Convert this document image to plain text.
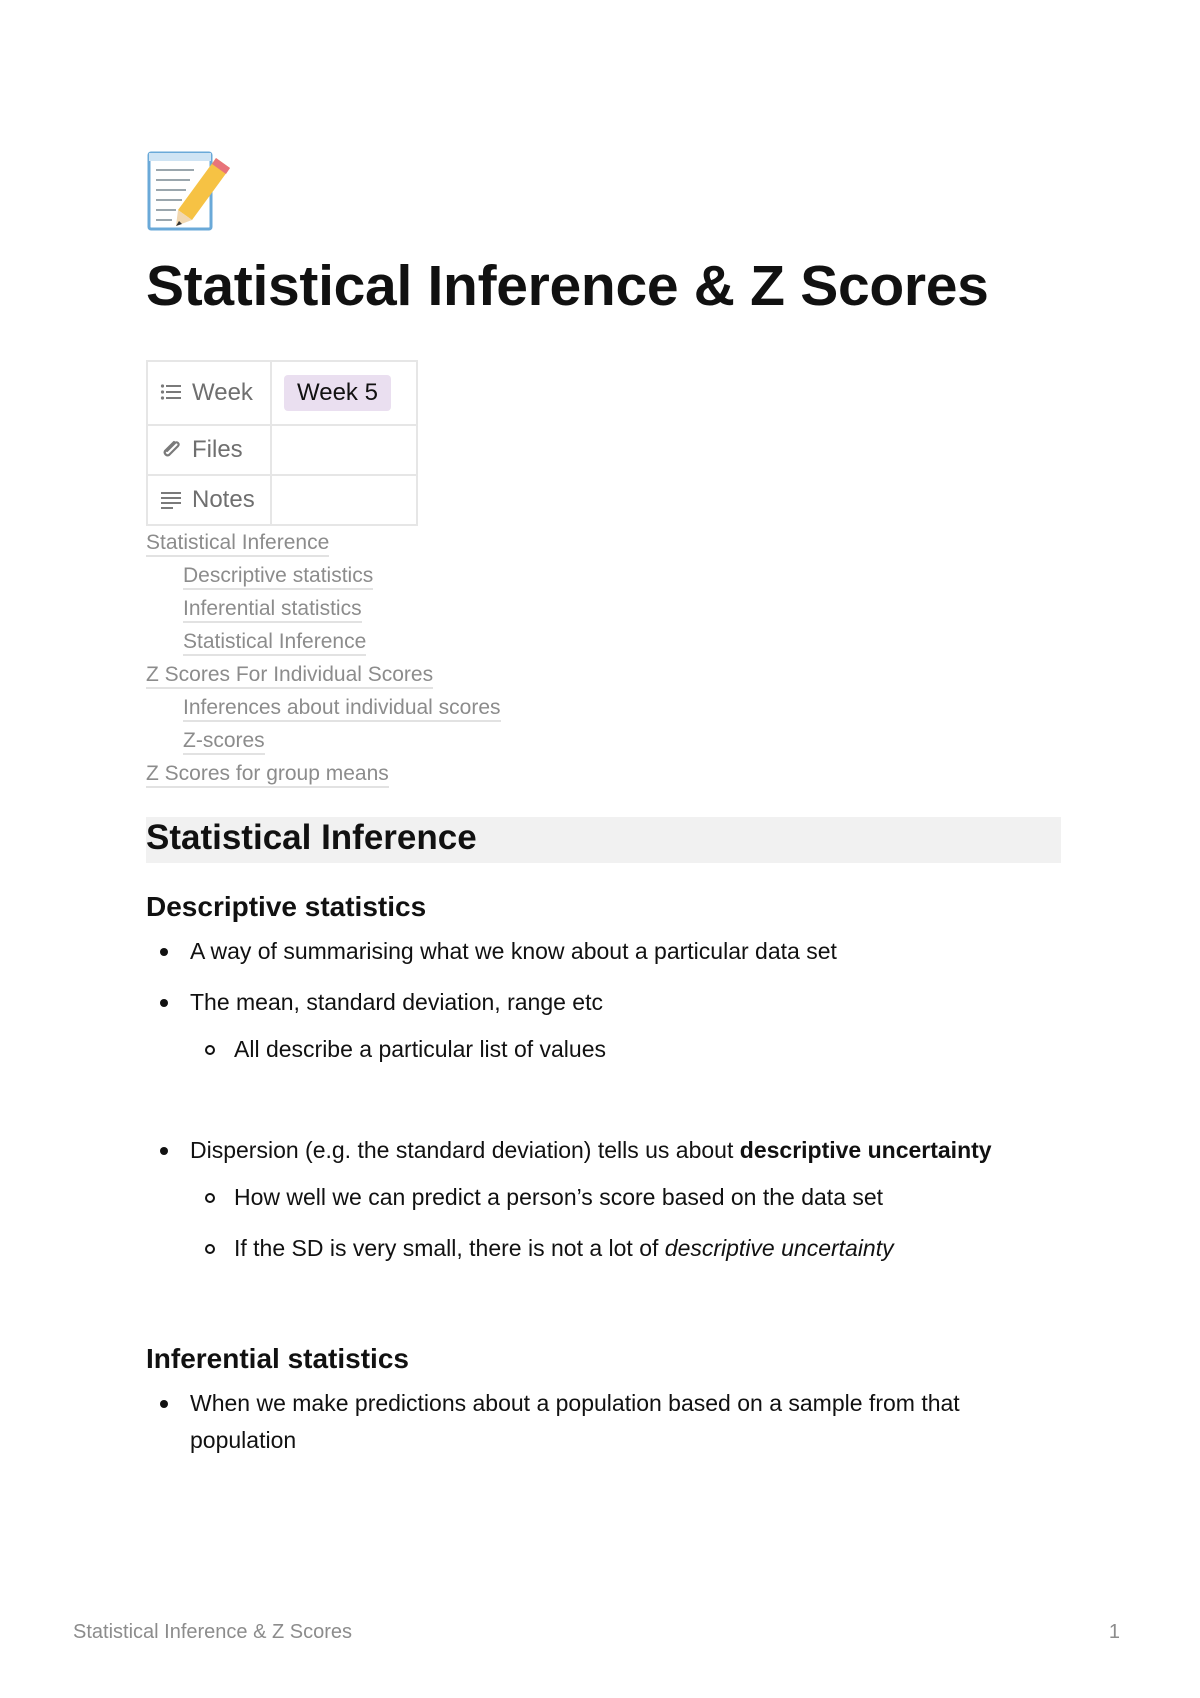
Statistical Inference & Z Scores
Week	Week 5
Files	
Notes	
Statistical Inference
Descriptive statistics
Inferential statistics
Statistical Inference
Z Scores For Individual Scores
Inferences about individual scores
Z-scores
Z Scores for group means
Statistical Inference
Descriptive statistics
A way of summarising what we know about a particular data set
The mean, standard deviation, range etc
All describe a particular list of values
Dispersion (e.g. the standard deviation) tells us about descriptive uncertainty
How well we can predict a person’s score based on the data set
If the SD is very small, there is not a lot of descriptive uncertainty
Inferential statistics
When we make predictions about a population based on a sample from that population
Statistical Inference & Z Scores	1
